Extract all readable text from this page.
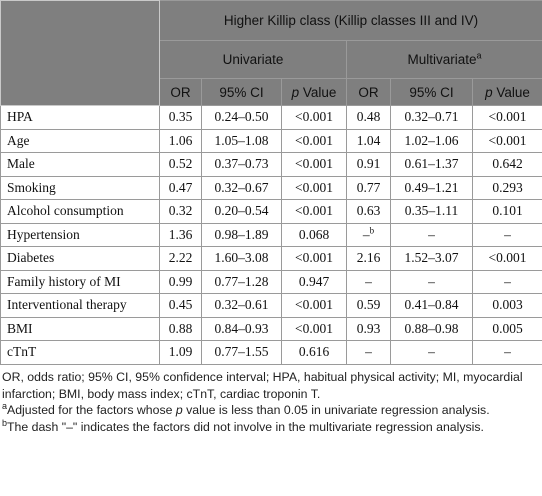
	Higher Killip class (Killip classes III and IV)					
	Univariate			Multivariate$^a$
	OR	95% CI	p Value	OR	95% CI	p Value
HPA	0.35	0.24–0.50	<0.001	0.48	0.32–0.71	<0.001
Age	1.06	1.05–1.08	<0.001	1.04	1.02–1.06	<0.001
Male	0.52	0.37–0.73	<0.001	0.91	0.61–1.37	0.642
Smoking	0.47	0.32–0.67	<0.001	0.77	0.49–1.21	0.293
Alcohol consumption	0.32	0.20–0.54	<0.001	0.63	0.35–1.11	0.101
Hypertension	1.36	0.98–1.89	0.068	–$^b$	–	–
Diabetes	2.22	1.60–3.08	<0.001	2.16	1.52–3.07	<0.001
Family history of MI	0.99	0.77–1.28	0.947	–	–	–
Interventional therapy	0.45	0.32–0.61	<0.001	0.59	0.41–0.84	0.003
BMI	0.88	0.84–0.93	<0.001	0.93	0.88–0.98	0.005
cTnT	1.09	0.77–1.55	0.616	–	–	–

OR, odds ratio; 95% CI, 95% confidence interval; HPA, habitual physical activity; MI, myocardial infarction; BMI, body mass index; cTnT, cardiac troponin T.

$^a$Adjusted for the factors whose p value is less than 0.05 in univariate regression analysis.

$^b$The dash "–" indicates the factors did not involve in the multivariate regression analysis.
